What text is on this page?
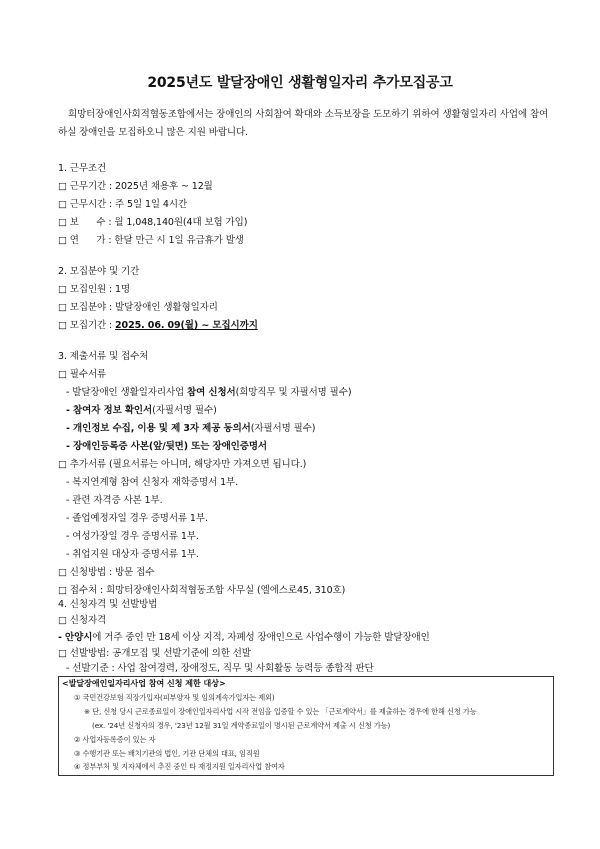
2025년도 발달장애인 생활형일자리 추가모집공고
희망터장애인사회적협동조합에서는 장애인의 사회참여 확대와 소득보장을 도모하기 위하여 생활형일자리 사업에 참여하실 장애인을 모집하오니 많은 지원 바랍니다.
1. 근무조건
□ 근무기간 : 2025년 채용후 ~ 12월
□ 근무시간 : 주 5일 1일 4시간
□ 보      수 : 월 1,048,140원(4대 보험 가입)
□ 연      가 : 한달 만근 시 1일 유급휴가 발생
2. 모집분야 및 기간
□ 모집인원 : 1명
□ 모집분야 : 발달장애인 생활형일자리
□ 모집기간 : 2025. 06. 09(월) ~ 모집시까지
3. 제출서류 및 접수처
□ 필수서류
- 발달장애인 생활일자리사업 참여 신청서(희망직무 및 자필서명 필수)
- 참여자 정보 확인서(자필서명 필수)
- 개인정보 수집, 이용 및 제 3자 제공 동의서(자필서명 필수)
- 장애인등록증 사본(앞/뒷면) 또는 장애인증명서
□ 추가서류 (필요서류는 아니며, 해당자만 가져오면 됩니다.)
- 복지연계형 참여 신청자 재학증명서 1부.
- 관련 자격증 사본 1부.
- 졸업예정자일 경우 증명서류 1부.
- 여성가장일 경우 증명서류 1부.
- 취업지원 대상자 증명서류 1부.
□ 신청방법 : 방문 접수
□ 접수처 : 희망터장애인사회적협동조합 사무실 (엘에스로45, 310호)
4. 신청자격 및 선발방법
□ 신청자격
- 안양시에 거주 중인 만 18세 이상 지적, 자폐성 장애인으로 사업수행이 가능한 발달장애인
<발달장애인일자리사업 참여 신청 제한 대상>
① 국민건강보험 직장가입자(피부양자 및 임의계속가입자는 제외)
※ 단, 신청 당시 근로종료일이 장애인일자리사업 시작 전임을 입증할 수 있는 「근로계약서」를 제출하는 경우에 한해 신청 가능
(ex. '24년 신청자의 경우, '23년 12월 31일 계약종료일이 명시된 근로계약서 제출 시 신청 가능)
② 사업자등록증이 있는 자
③ 수행기관 또는 배치기관의 법인, 기관 단체의 대표, 임직원
④ 정부부처 및 지자체에서 추진 중인 타 재정지원 일자리사업 참여자
□ 선발방법: 공개모집 및 선발기준에 의한 선발
- 선발기준 : 사업 참여경력, 장애정도, 직무 및 사회활동 능력등 종합적 판단
